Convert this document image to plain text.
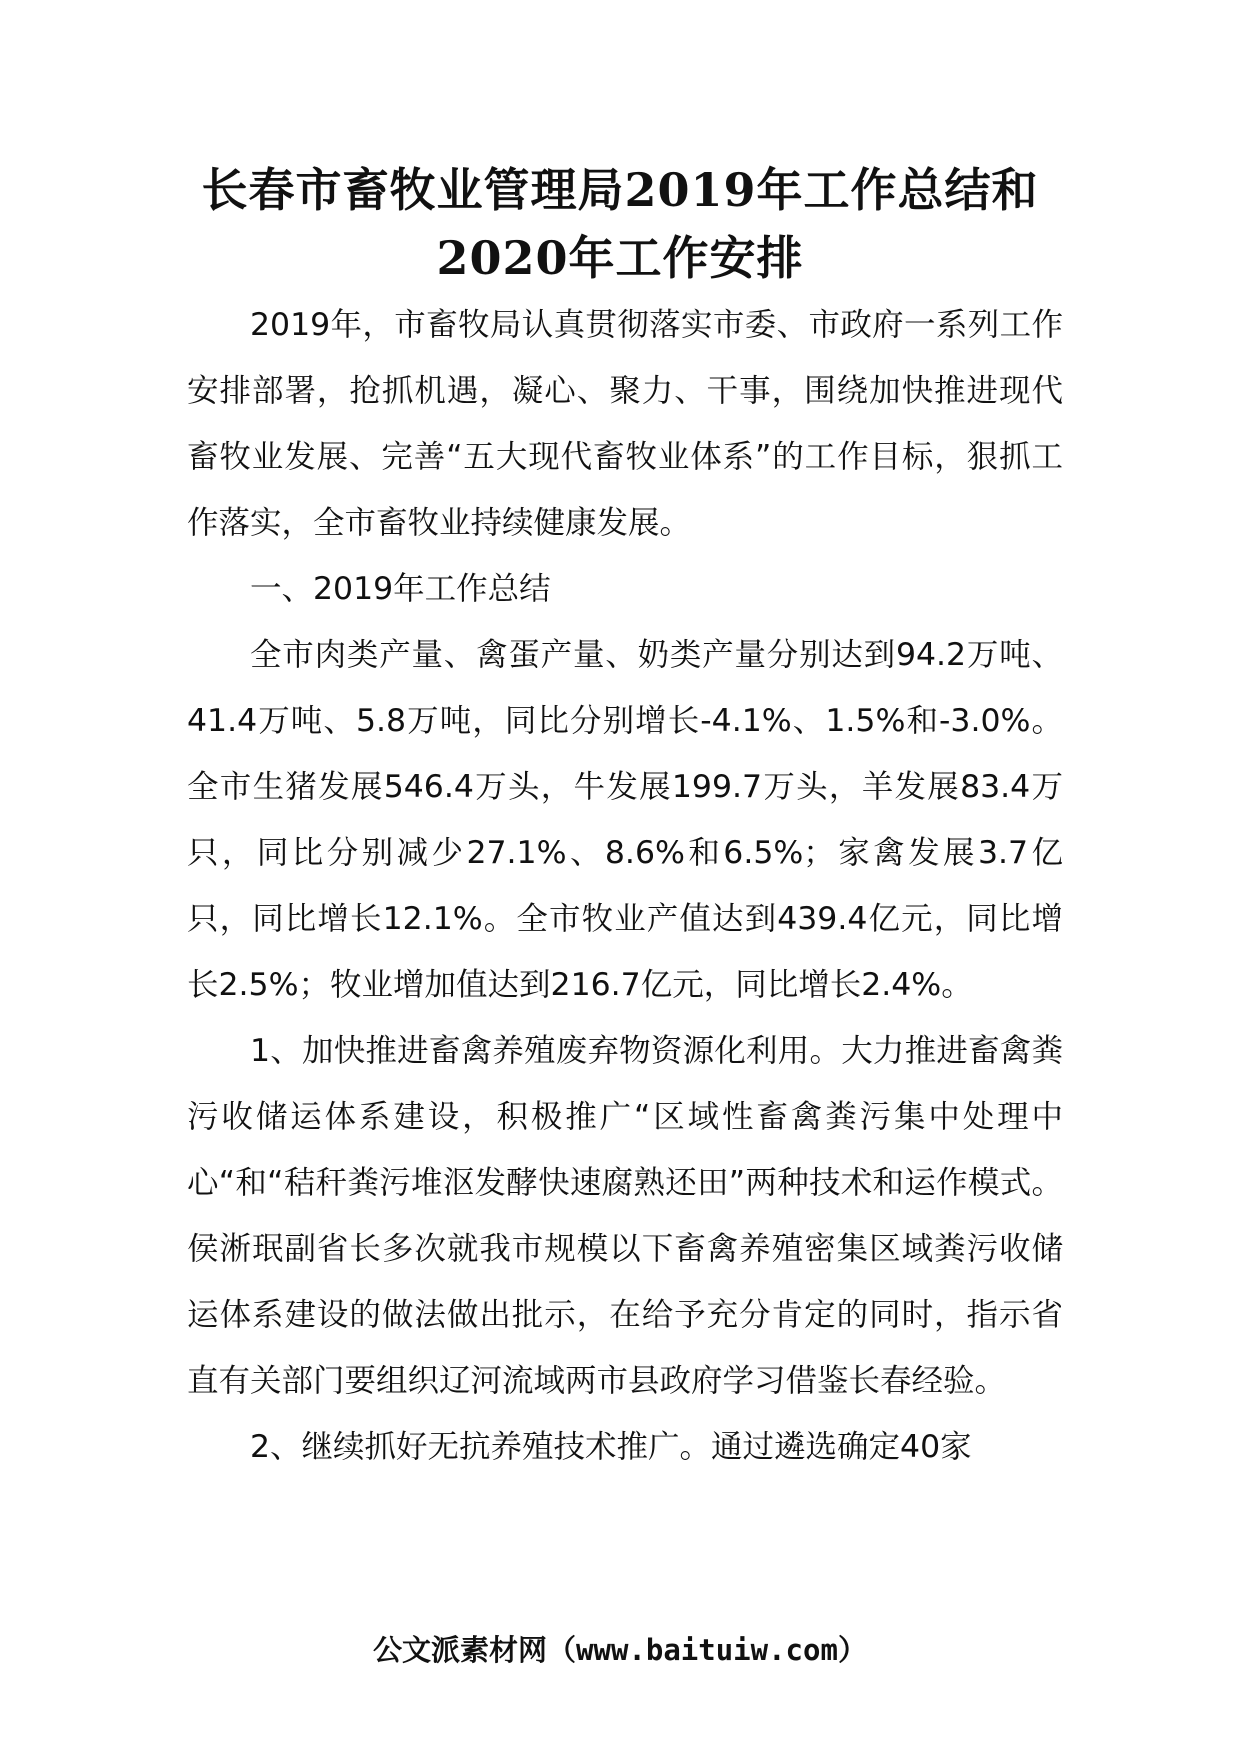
长春市畜牧业管理局2019年工作总结和
2020年工作安排

2019年，市畜牧局认真贯彻落实市委、市政府一系列工作安排部署，抢抓机遇，凝心、聚力、干事，围绕加快推进现代畜牧业发展、完善“五大现代畜牧业体系”的工作目标，狠抓工作落实，全市畜牧业持续健康发展。

一、2019年工作总结

全市肉类产量、禽蛋产量、奶类产量分别达到94.2万吨、41.4万吨、5.8万吨，同比分别增长-4.1%、1.5%和-3.0%。全市生猪发展546.4万头，牛发展199.7万头，羊发展83.4万只，同比分别减少27.1%、8.6%和6.5%；家禽发展3.7亿只，同比增长12.1%。全市牧业产值达到439.4亿元，同比增长2.5%；牧业增加值达到216.7亿元，同比增长2.4%。

1、加快推进畜禽养殖废弃物资源化利用。大力推进畜禽粪污收储运体系建设，积极推广“区域性畜禽粪污集中处理中心“和“秸秆粪污堆沤发酵快速腐熟还田”两种技术和运作模式。侯淅珉副省长多次就我市规模以下畜禽养殖密集区域粪污收储运体系建设的做法做出批示，在给予充分肯定的同时，指示省直有关部门要组织辽河流域两市县政府学习借鉴长春经验。

2、继续抓好无抗养殖技术推广。通过遴选确定40家

公文派素材网（www.baituiw.com）
